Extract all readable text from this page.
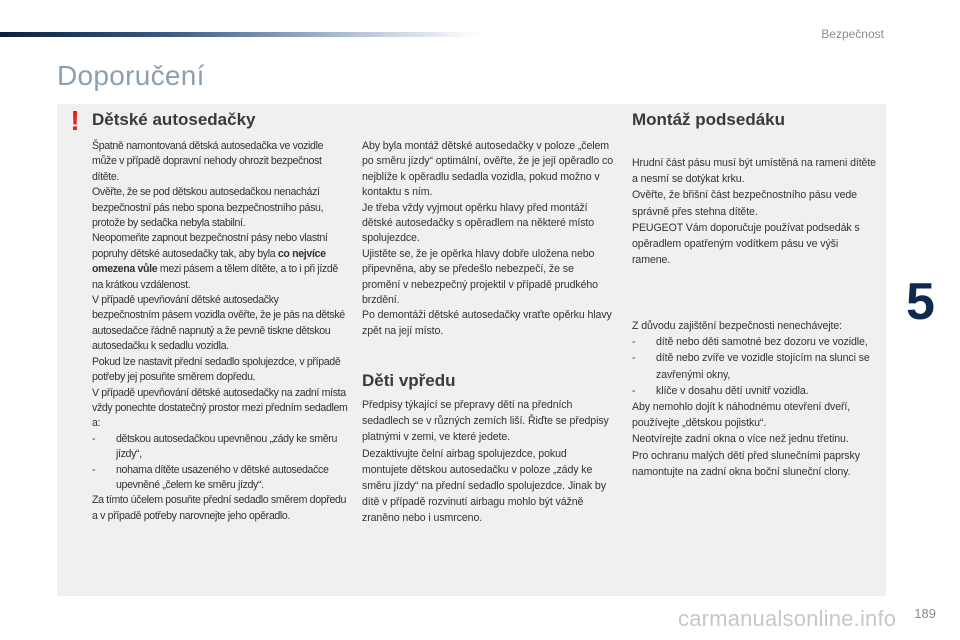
Bezpečnost
Doporučení
! Dětské autosedačky	Montáž podsedáku
Děti vpředu

Špatně namontovaná dětská autosedačka ve vozidle může v případě dopravní nehody ohrozit bezpečnost dítěte.

Ověřte, že se pod dětskou autosedačkou nenachází bezpečnostní pás nebo spona bezpečnostního pásu, protože by sedačka nebyla stabilní.

Neopomeňte zapnout bezpečnostní pásy nebo vlastní popruhy dětské autosedačky tak, aby byla co nejvíce omezena vůle mezi pásem a tělem dítěte, a to i při jízdě na krátkou vzdálenost.

V případě upevňování dětské autosedačky bezpečnostním pásem vozidla ověřte, že je pás na dětské autosedačce řádně napnutý a že pevně tiskne dětskou autosedačku k sedadlu vozidla.

Pokud lze nastavit přední sedadlo spolujezdce, v případě potřeby jej posuňte směrem dopředu.

V případě upevňování dětské autosedačky na zadní místa vždy ponechte dostatečný prostor mezi předním sedadlem a:

-	dětskou autosedačkou upevněnou „zády ke směru jízdy“,
-	nohama dítěte usazeného v dětské autosedačce upevněné „čelem ke směru jízdy“.

Za tímto účelem posuňte přední sedadlo směrem dopředu a v případě potřeby narovnejte jeho opěradlo.

Aby byla montáž dětské autosedačky v poloze „čelem po směru jízdy“ optimální, ověřte, že je její opěradlo co nejblíže k opěradlu sedadla vozidla, pokud možno v kontaktu s ním.

Je třeba vždy vyjmout opěrku hlavy před montáží dětské autosedačky s opěradlem na některé místo spolujezdce.

Ujistěte se, že je opěrka hlavy dobře uložena nebo připevněna, aby se předešlo nebezpečí, že se promění v nebezpečný projektil v případě prudkého brzdění.

Po demontáži dětské autosedačky vraťte opěrku hlavy zpět na její místo.

Předpisy týkající se přepravy dětí na předních sedadlech se v různých zemích liší. Řiďte se předpisy platnými v zemi, ve které jedete.

Dezaktivujte čelní airbag spolujezdce, pokud montujete dětskou autosedačku v poloze „zády ke směru jízdy“ na přední sedadlo spolujezdce. Jinak by dítě v případě rozvinutí airbagu mohlo být vážně zraněno nebo i usmrceno.

Hrudní část pásu musí být umístěná na rameni dítěte a nesmí se dotýkat krku.

Ověřte, že břišní část bezpečnostního pásu vede správně přes stehna dítěte.

PEUGEOT Vám doporučuje používat podsedák s opěradlem opatřeným vodítkem pásu ve výši ramene.

Z důvodu zajištění bezpečnosti nenechávejte:

-	dítě nebo děti samotné bez dozoru ve vozidle,
-	dítě nebo zvíře ve vozidle stojícím na slunci se zavřenými okny,
-	klíče v dosahu dětí uvnitř vozidla.

Aby nemohlo dojít k náhodnému otevření dveří, používejte „dětskou pojistku“.

Neotvírejte zadní okna o více než jednu třetinu.

Pro ochranu malých dětí před slunečními paprsky namontujte na zadní okna boční sluneční clony.

5
carmanualsonline.info 189
